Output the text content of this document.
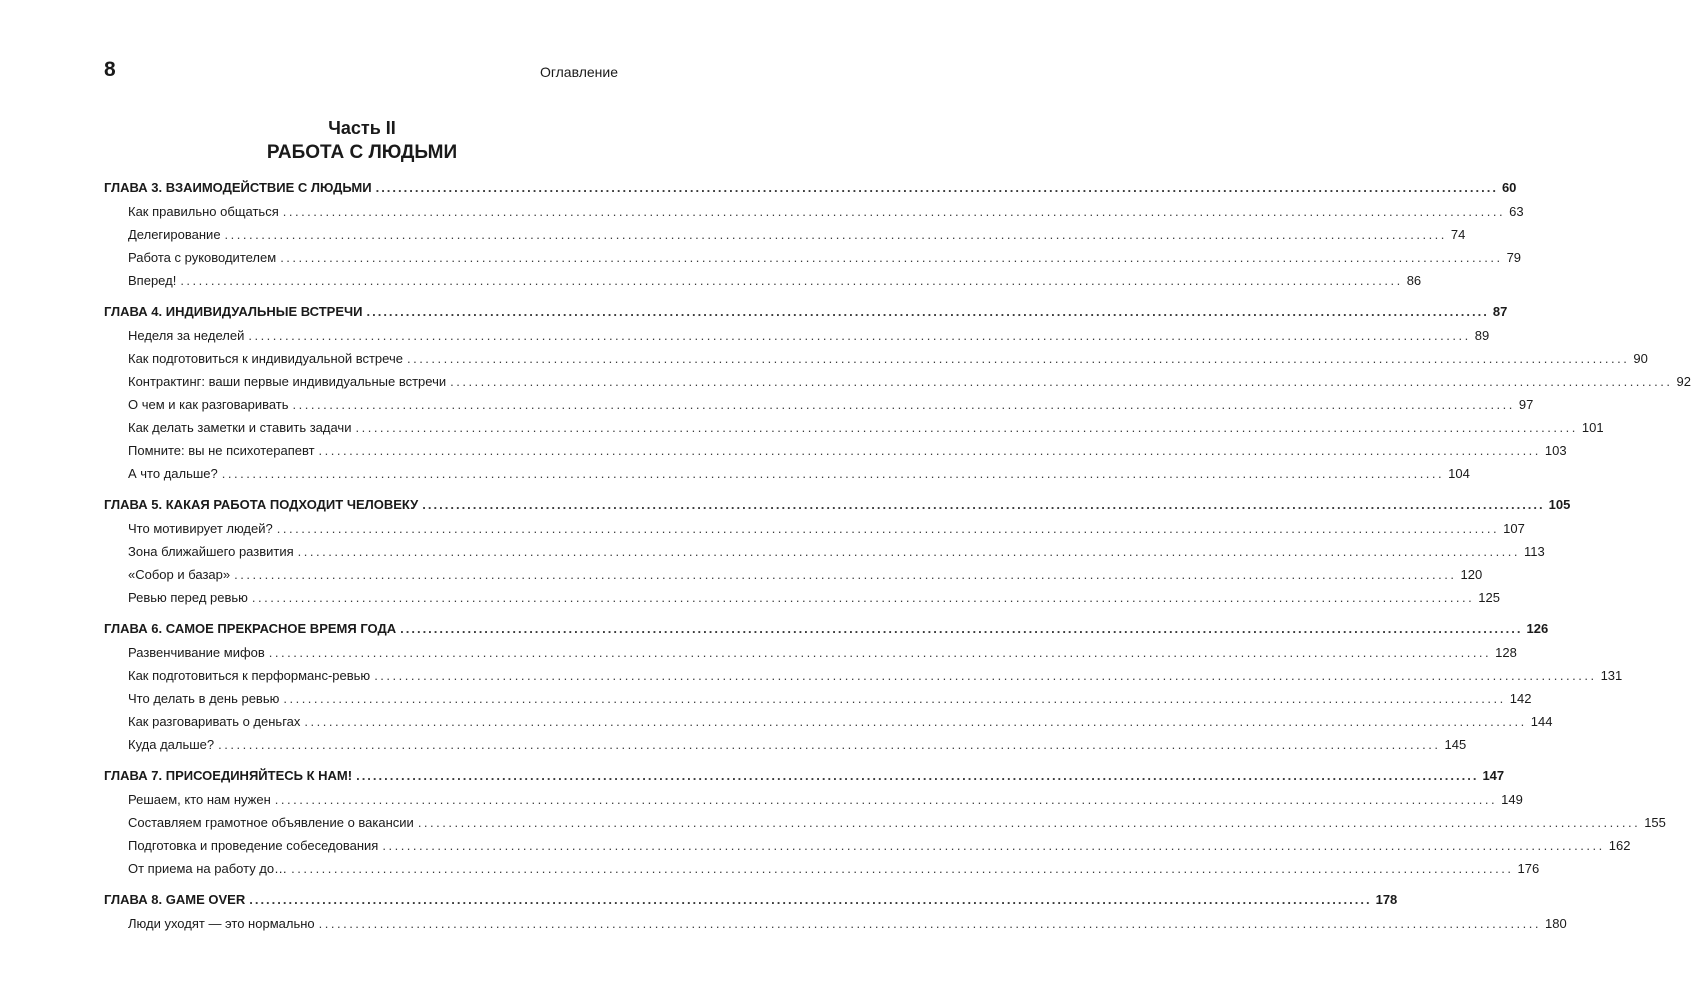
8	Оглавление
Часть II
РАБОТА С ЛЮДЬМИ
ГЛАВА 3. ВЗАИМОДЕЙСТВИЕ С ЛЮДЬМИ ........................................................................................................................................................................................................ 60
Как правильно общаться ........................................................................................................................................................................................................ 63
Делегирование ........................................................................................................................................................................................................ 74
Работа с руководителем ........................................................................................................................................................................................................ 79
Вперед! ........................................................................................................................................................................................................ 86
ГЛАВА 4. ИНДИВИДУАЛЬНЫЕ ВСТРЕЧИ ........................................................................................................................................................................................................ 87
Неделя за неделей ........................................................................................................................................................................................................ 89
Как подготовиться к индивидуальной встрече ........................................................................................................................................................................................................ 90
Контрактинг: ваши первые индивидуальные встречи ........................................................................................................................................................................................................ 92
О чем и как разговаривать ........................................................................................................................................................................................................ 97
Как делать заметки и ставить задачи ........................................................................................................................................................................................................ 101
Помните: вы не психотерапевт ........................................................................................................................................................................................................ 103
А что дальше? ........................................................................................................................................................................................................ 104
ГЛАВА 5. КАКАЯ РАБОТА ПОДХОДИТ ЧЕЛОВЕКУ ........................................................................................................................................................................................................ 105
Что мотивирует людей? ........................................................................................................................................................................................................ 107
Зона ближайшего развития ........................................................................................................................................................................................................ 113
«Собор и базар» ........................................................................................................................................................................................................ 120
Ревью перед ревью ........................................................................................................................................................................................................ 125
ГЛАВА 6. САМОЕ ПРЕКРАСНОЕ ВРЕМЯ ГОДА ........................................................................................................................................................................................................ 126
Развенчивание мифов ........................................................................................................................................................................................................ 128
Как подготовиться к перформанс-ревью ........................................................................................................................................................................................................ 131
Что делать в день ревью ........................................................................................................................................................................................................ 142
Как разговаривать о деньгах ........................................................................................................................................................................................................ 144
Куда дальше? ........................................................................................................................................................................................................ 145
ГЛАВА 7. ПРИСОЕДИНЯЙТЕСЬ К НАМ! ........................................................................................................................................................................................................ 147
Решаем, кто нам нужен ........................................................................................................................................................................................................ 149
Составляем грамотное объявление о вакансии ........................................................................................................................................................................................................ 155
Подготовка и проведение собеседования ........................................................................................................................................................................................................ 162
От приема на работу до… ........................................................................................................................................................................................................ 176
ГЛАВА 8. GAME OVER ........................................................................................................................................................................................................ 178
Люди уходят — это нормально ........................................................................................................................................................................................................ 180
